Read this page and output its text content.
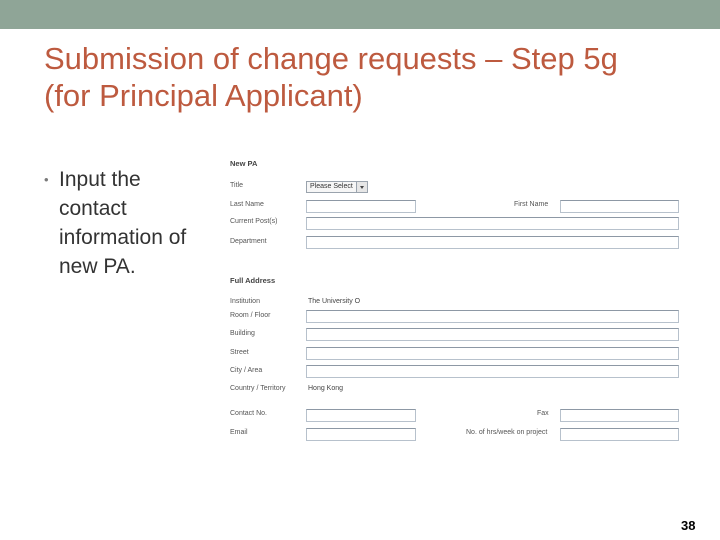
Submission of change requests – Step 5g
(for Principal Applicant)
• Input the
contact
information of
new PA.
New PA
Title	Please Select
Last Name	First Name
Current Post(s)
Department
Full Address
Institution	The University O
Room / Floor
Building
Street
City / Area
Country / Territory	Hong Kong
Contact No.	Fax
Email	No. of hrs/week on project
38
